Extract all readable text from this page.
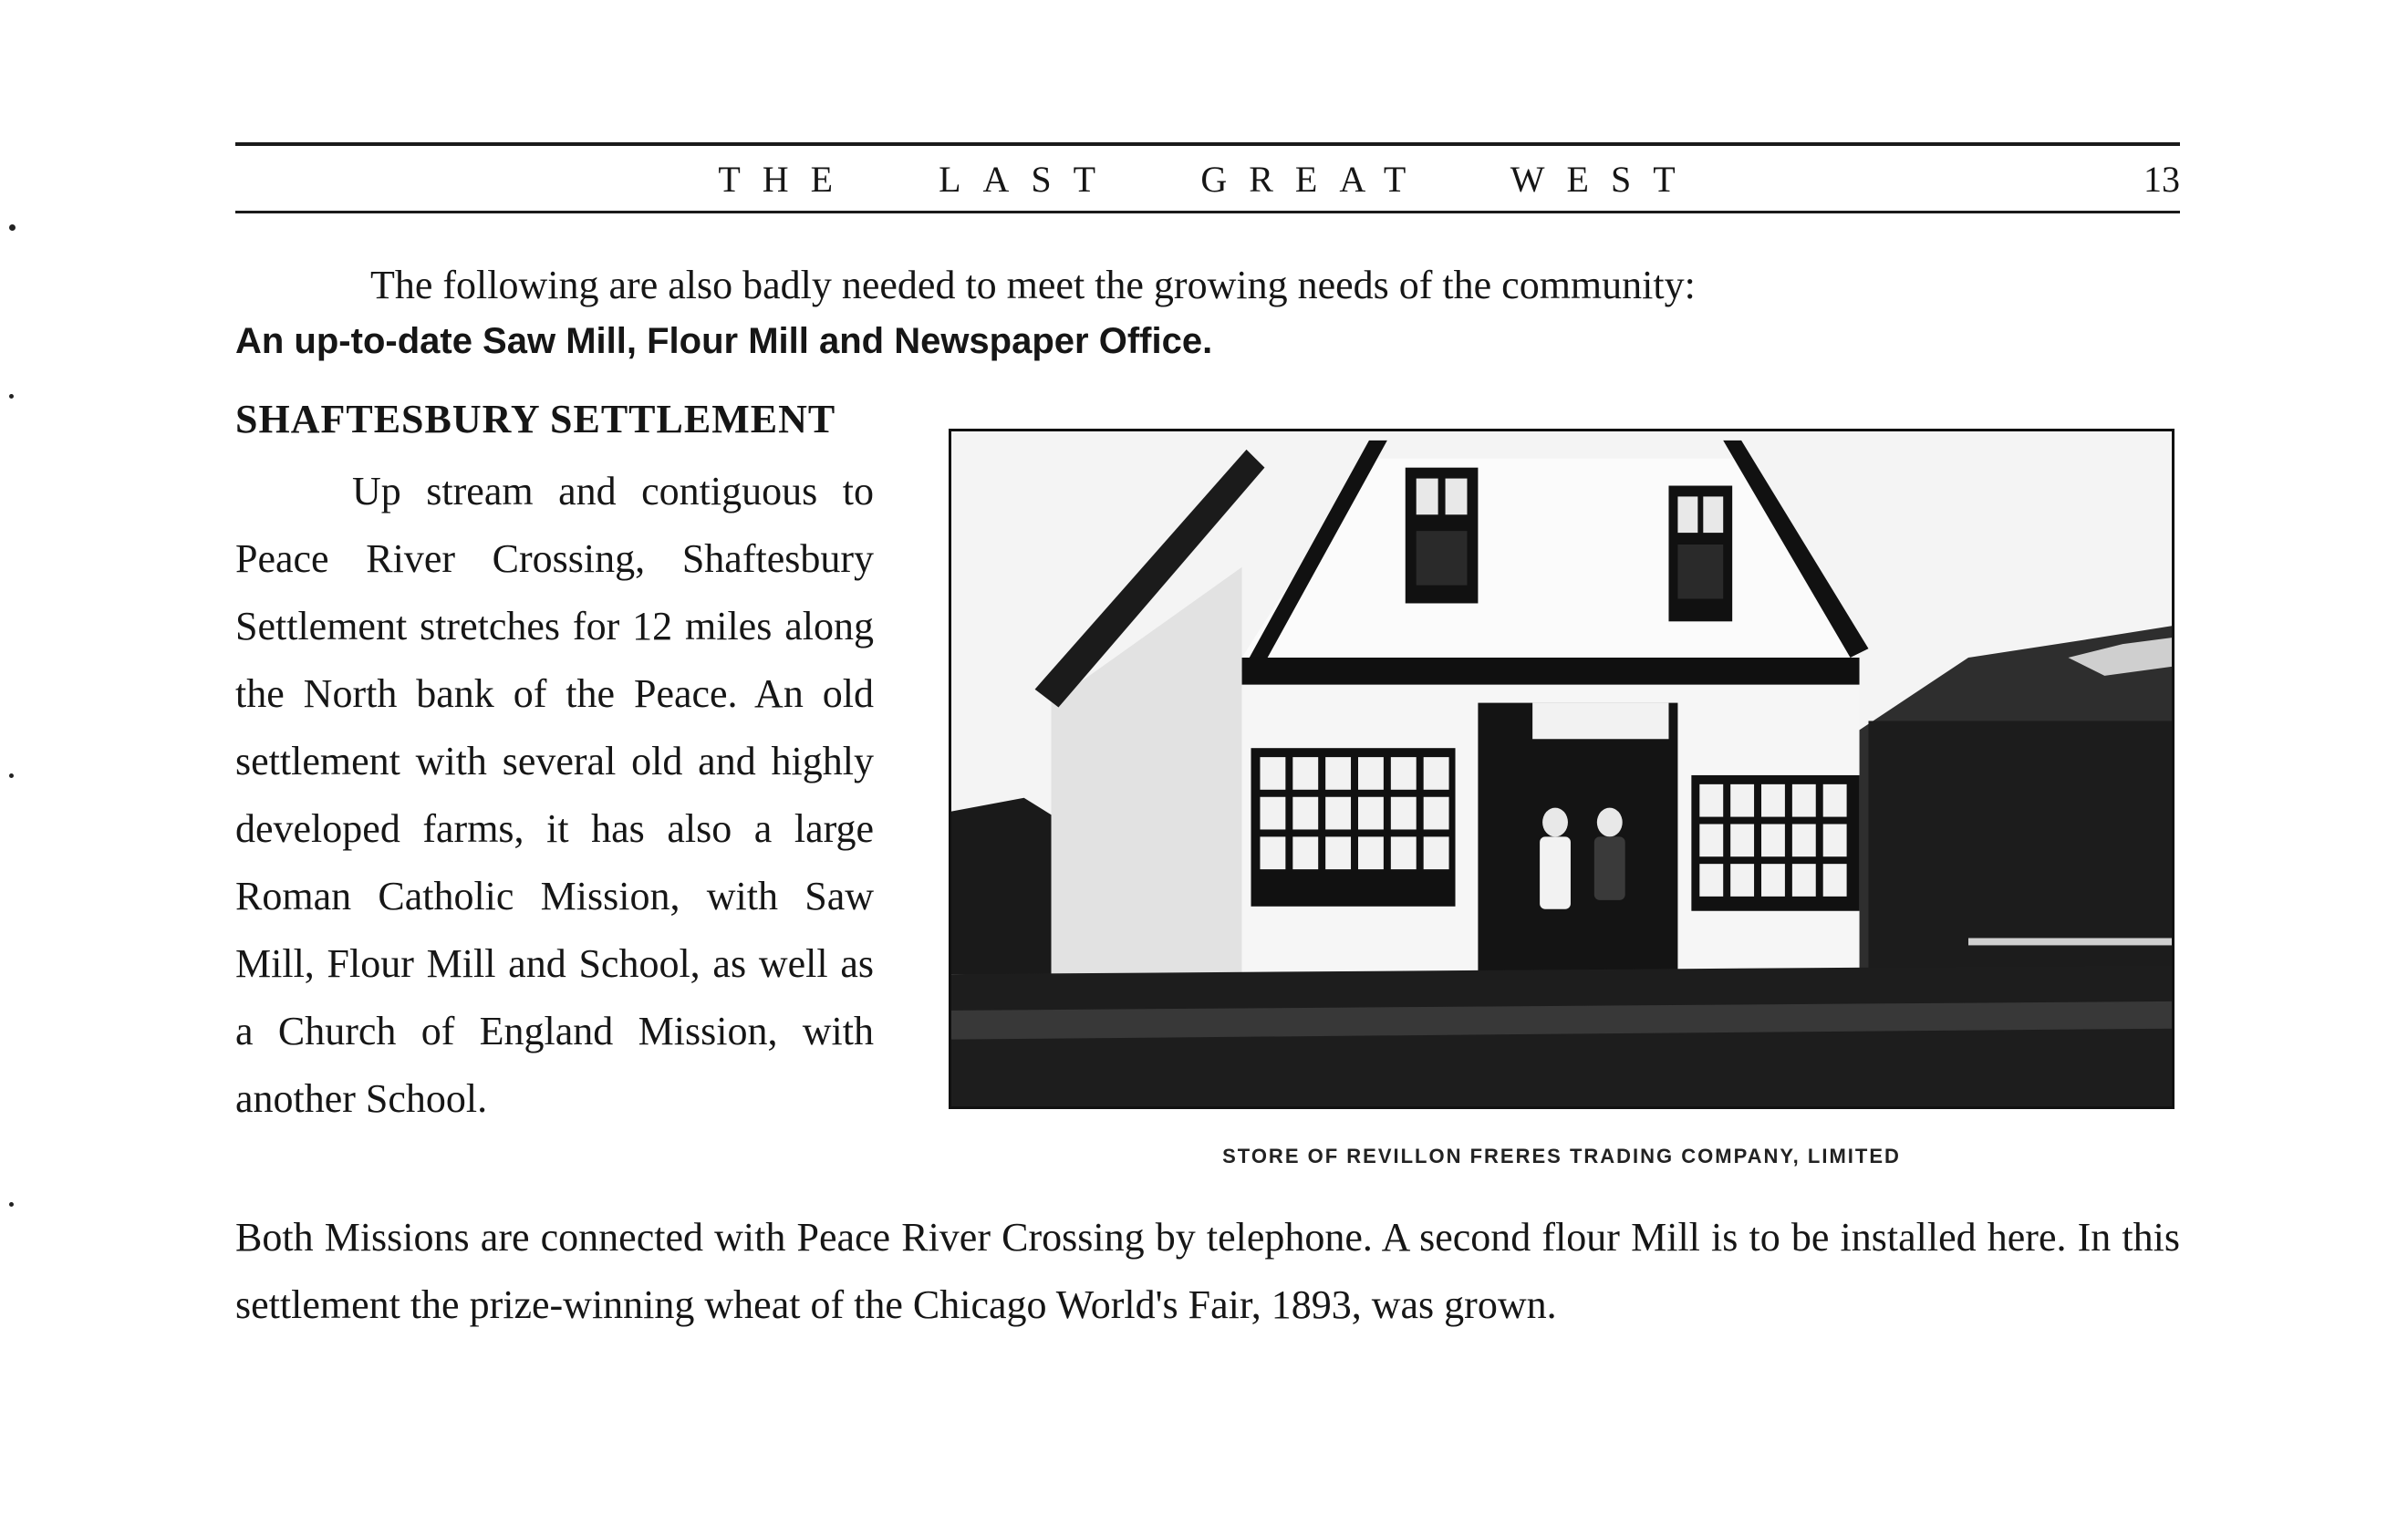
THE LAST GREAT WEST	13
The following are also badly needed to meet the growing needs of the community:
An up-to-date Saw Mill, Flour Mill and Newspaper Office.
SHAFTESBURY SETTLEMENT
Up stream and contiguous to Peace River Crossing, Shaftesbury Settlement stretches for 12 miles along the North bank of the Peace. An old settlement with several old and highly developed farms, it has also a large Roman Catholic Mission, with Saw Mill, Flour Mill and School, as well as a Church of England Mission, with another School.
STORE OF REVILLON FRERES TRADING COMPANY, LIMITED
Both Missions are connected with Peace River Crossing by telephone. A second flour Mill is to be installed here. In this settlement the prize-winning wheat of the Chicago World's Fair, 1893, was grown.
